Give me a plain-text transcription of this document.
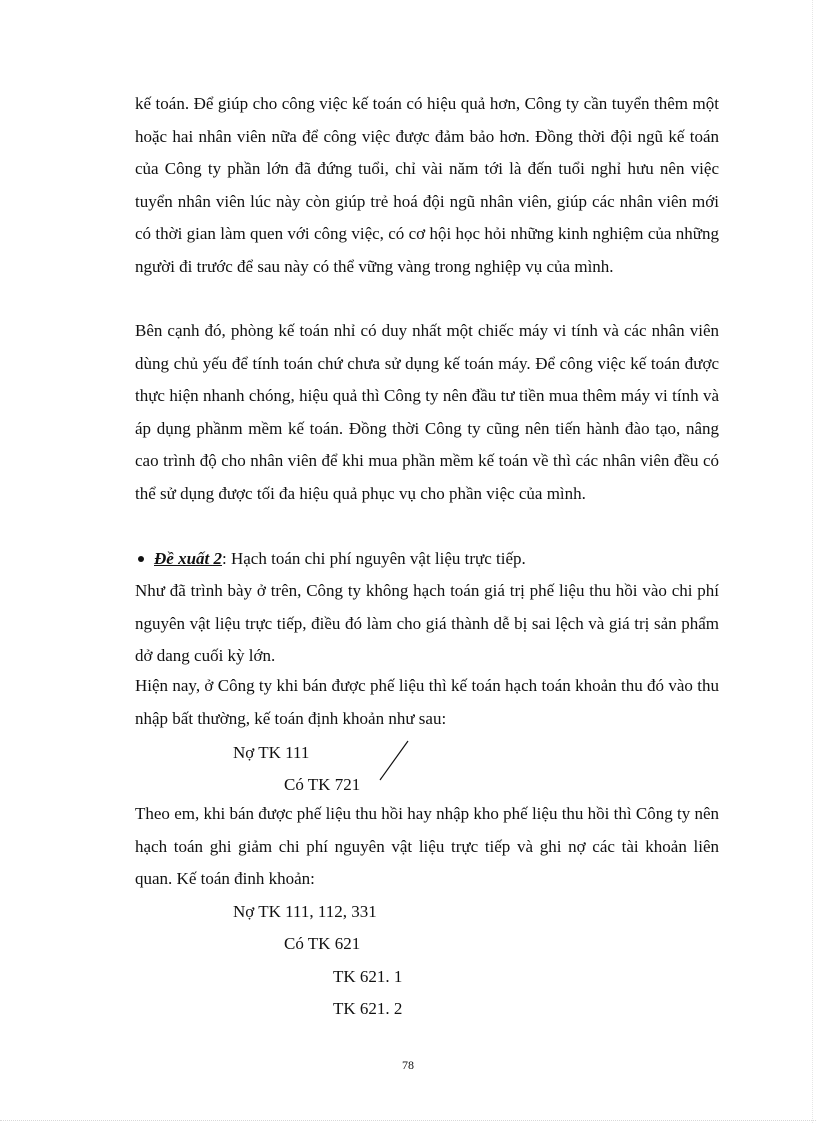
kế toán. Để giúp cho công việc kế toán có hiệu quả hơn, Công ty cần tuyển thêm một hoặc hai nhân viên nữa để công việc được đảm bảo hơn. Đồng thời đội ngũ kế toán của Công ty phần lớn đã đứng tuổi, chỉ vài năm tới là đến tuổi nghỉ hưu nên việc tuyển nhân viên lúc này còn giúp trẻ hoá đội ngũ nhân viên, giúp các nhân viên mới có thời gian làm quen với công việc, có cơ hội học hỏi những kinh nghiệm của những người đi trước để sau này có thể vững vàng trong nghiệp vụ của mình.

Bên cạnh đó, phòng kế toán nhỉ có duy nhất một chiếc máy vi tính và các nhân viên dùng chủ yếu để tính toán chứ chưa sử dụng kế toán máy. Để công việc kế toán được thực hiện nhanh chóng, hiệu quả thì Công ty nên đầu tư tiền mua thêm máy vi tính và áp dụng phầnm mềm kế toán. Đồng thời Công ty cũng nên tiến hành đào tạo, nâng cao trình độ cho nhân viên để khi mua phần mềm kế toán về thì các nhân viên đều có thể sử dụng được tối đa hiệu quả phục vụ cho phần việc của mình.

Đề xuất 2: Hạch toán chi phí nguyên vật liệu trực tiếp.

Như đã trình bày ở trên, Công ty không hạch toán giá trị phế liệu thu hồi vào chi phí nguyên vật liệu trực tiếp, điều đó làm cho giá thành dễ bị sai lệch và giá trị sản phẩm dở dang cuối kỳ lớn.

Hiện nay, ở Công ty khi bán được phế liệu thì kế toán hạch toán khoản thu đó vào thu nhập bất thường, kế toán định khoản như sau:

Nợ TK 111

Có TK 721

Theo em, khi bán được phế liệu thu hồi hay nhập kho phế liệu thu hồi thì Công ty nên hạch toán ghi giảm chi phí nguyên vật liệu trực tiếp và ghi nợ các tài khoản liên quan. Kế toán đinh khoản:

Nợ TK 111, 112, 331

Có TK 621

TK 621. 1

TK 621. 2

78
